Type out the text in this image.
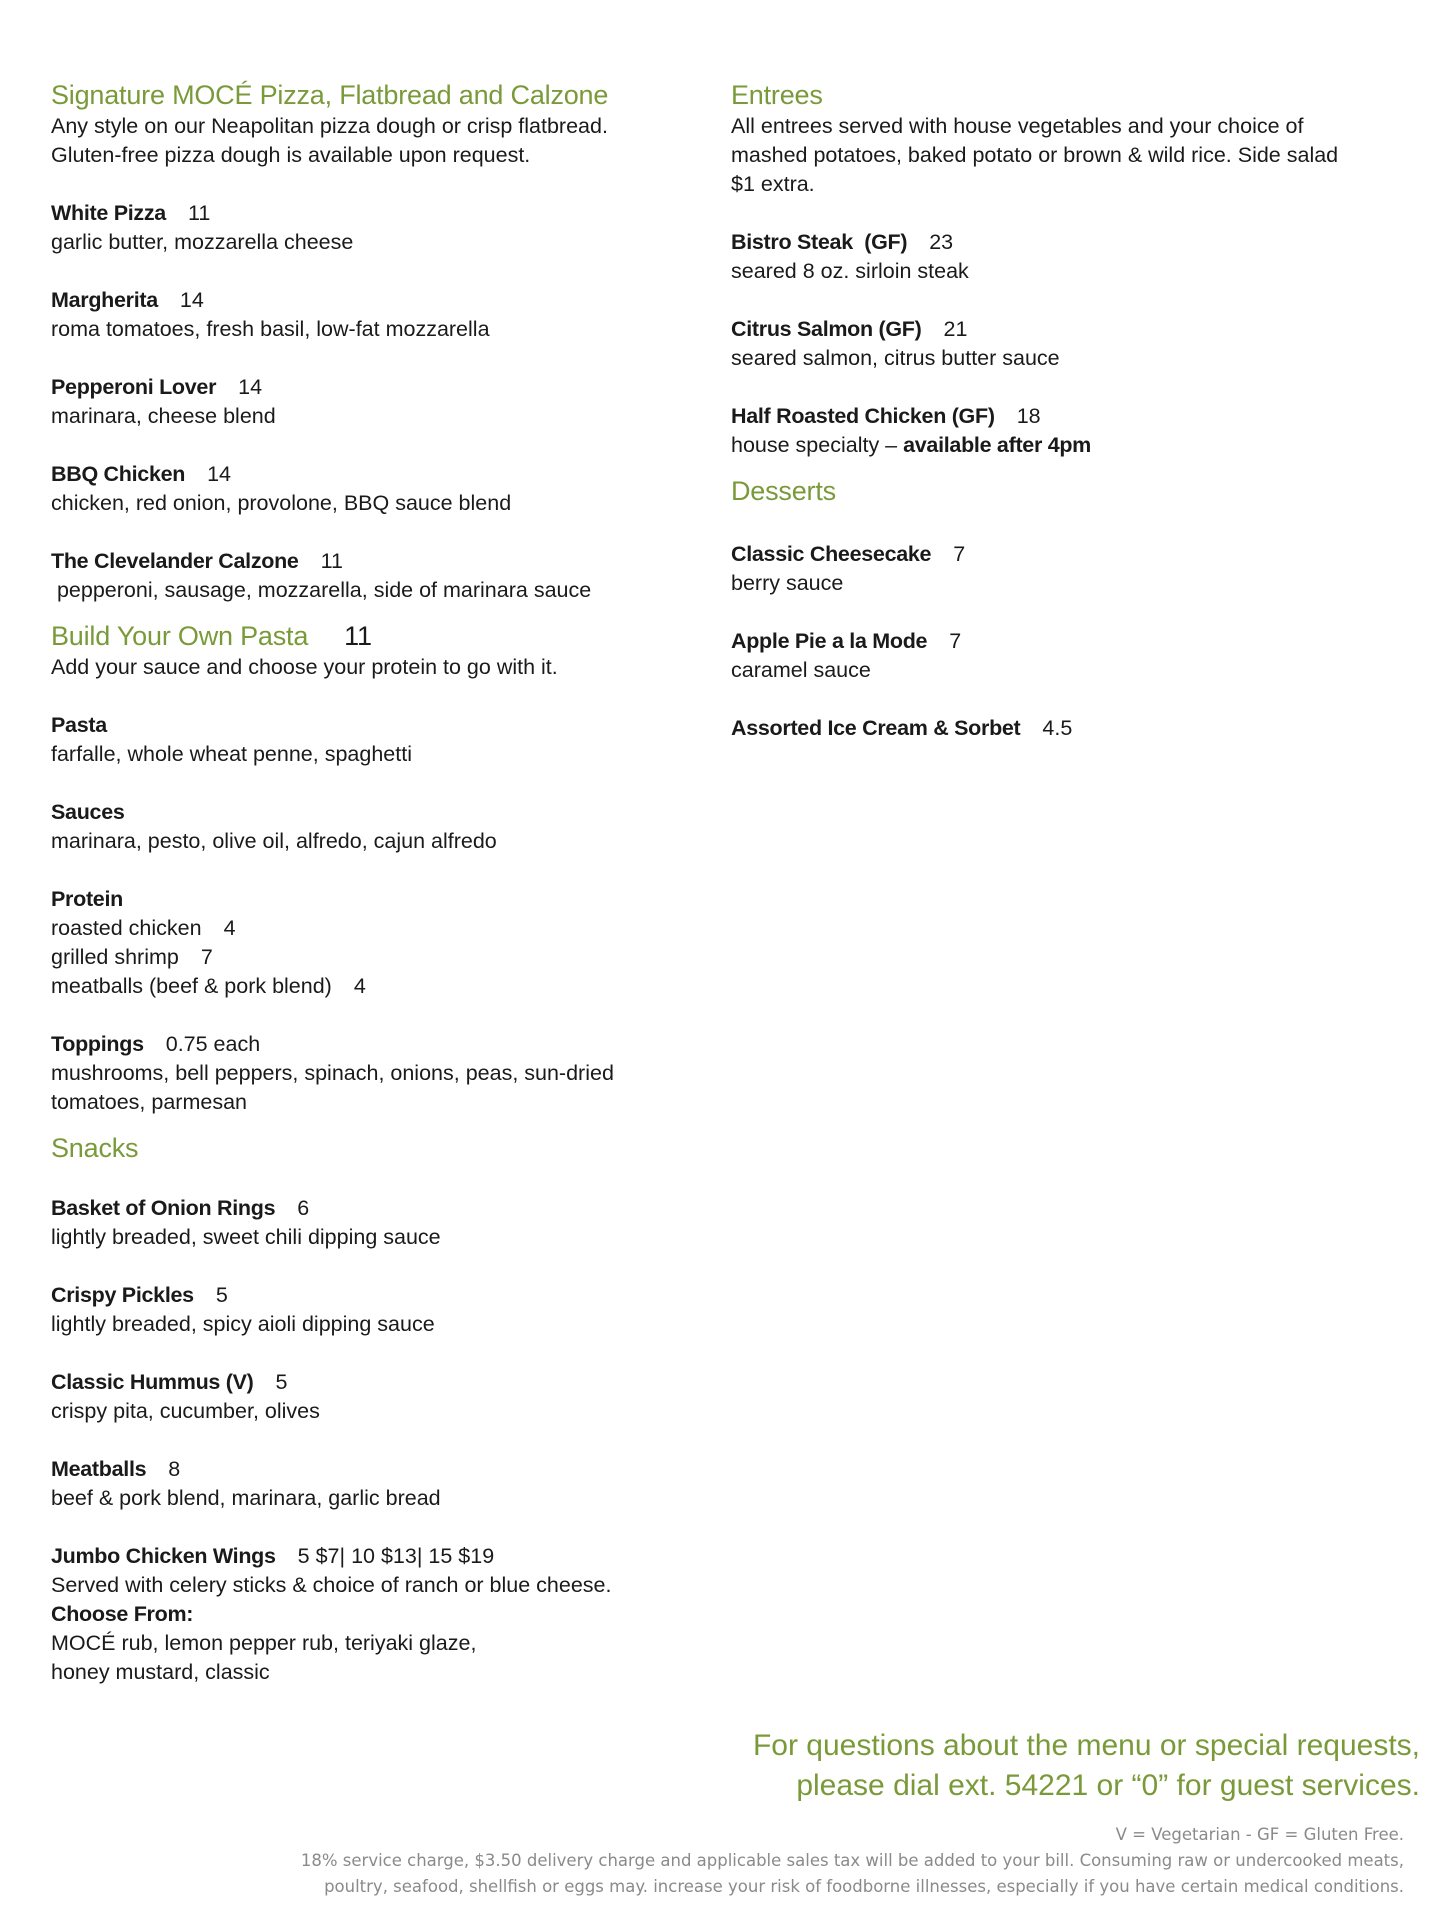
Signature MOCÉ Pizza, Flatbread and Calzone

Any style on our Neapolitan pizza dough or crisp flatbread.

Gluten-free pizza dough is available upon request.

White Pizza 11

garlic butter, mozzarella cheese

Margherita 14

roma tomatoes, fresh basil, low-fat mozzarella

Pepperoni Lover 14

marinara, cheese blend

BBQ Chicken 14

chicken, red onion, provolone, BBQ sauce blend

The Clevelander Calzone 11

pepperoni, sausage, mozzarella, side of marinara sauce

Build Your Own Pasta 11

Add your sauce and choose your protein to go with it.

Pasta

farfalle, whole wheat penne, spaghetti

Sauces

marinara, pesto, olive oil, alfredo, cajun alfredo

Protein

roasted chicken 4

grilled shrimp 7

meatballs (beef & pork blend) 4

Toppings 0.75 each

mushrooms, bell peppers, spinach, onions, peas, sun-dried

tomatoes, parmesan

Snacks

Basket of Onion Rings 6

lightly breaded, sweet chili dipping sauce

Crispy Pickles 5

lightly breaded, spicy aioli dipping sauce

Classic Hummus (V) 5

crispy pita, cucumber, olives

Meatballs 8

beef & pork blend, marinara, garlic bread

Jumbo Chicken Wings 5 $7| 10 $13| 15 $19

Served with celery sticks & choice of ranch or blue cheese.

Choose From:

MOCÉ rub, lemon pepper rub, teriyaki glaze,

honey mustard, classic

Entrees

All entrees served with house vegetables and your choice of

mashed potatoes, baked potato or brown & wild rice. Side salad

$1 extra.

Bistro Steak  (GF) 23

seared 8 oz. sirloin steak

Citrus Salmon (GF) 21

seared salmon, citrus butter sauce

Half Roasted Chicken (GF) 18

house specialty – available after 4pm

Desserts

Classic Cheesecake 7

berry sauce

Apple Pie a la Mode 7

caramel sauce

Assorted Ice Cream & Sorbet 4.5

For questions about the menu or special requests,
please dial ext. 54221 or “0” for guest services.
V = Vegetarian - GF = Gluten Free.
18% service charge, $3.50 delivery charge and applicable sales tax will be added to your bill. Consuming raw or undercooked meats,
poultry, seafood, shellfish or eggs may. increase your risk of foodborne illnesses, especially if you have certain medical conditions.
